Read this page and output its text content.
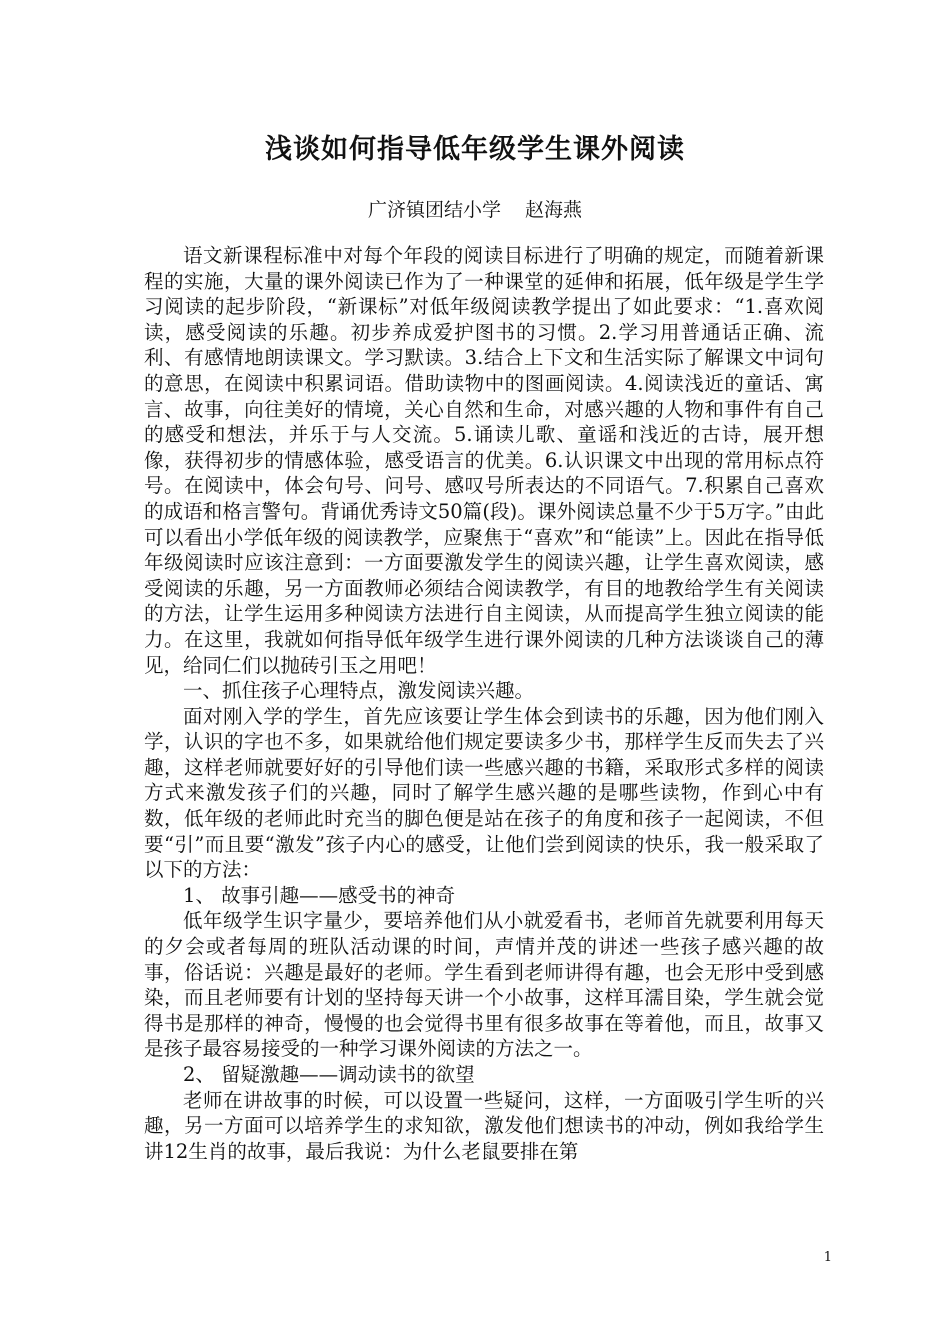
浅谈如何指导低年级学生课外阅读
广济镇团结小学 赵海燕

语文新课程标准中对每个年段的阅读目标进行了明确的规定，而随着新课程的实施，大量的课外阅读已作为了一种课堂的延伸和拓展，低年级是学生学习阅读的起步阶段，“新课标”对低年级阅读教学提出了如此要求：“1.喜欢阅读，感受阅读的乐趣。初步养成爱护图书的习惯。2.学习用普通话正确、流利、有感情地朗读课文。学习默读。3.结合上下文和生活实际了解课文中词句的意思，在阅读中积累词语。借助读物中的图画阅读。4.阅读浅近的童话、寓言、故事，向往美好的情境，关心自然和生命，对感兴趣的人物和事件有自己的感受和想法，并乐于与人交流。5.诵读儿歌、童谣和浅近的古诗，展开想像，获得初步的情感体验，感受语言的优美。6.认识课文中出现的常用标点符号。在阅读中，体会句号、问号、感叹号所表达的不同语气。7.积累自己喜欢的成语和格言警句。背诵优秀诗文50篇(段)。课外阅读总量不少于5万字。”由此可以看出小学低年级的阅读教学，应聚焦于“喜欢”和“能读”上。因此在指导低年级阅读时应该注意到：一方面要激发学生的阅读兴趣，让学生喜欢阅读，感受阅读的乐趣，另一方面教师必须结合阅读教学，有目的地教给学生有关阅读的方法，让学生运用多种阅读方法进行自主阅读，从而提高学生独立阅读的能力。在这里，我就如何指导低年级学生进行课外阅读的几种方法谈谈自己的薄见，给同仁们以抛砖引玉之用吧！

一、抓住孩子心理特点，激发阅读兴趣。

面对刚入学的学生，首先应该要让学生体会到读书的乐趣，因为他们刚入学，认识的字也不多，如果就给他们规定要读多少书，那样学生反而失去了兴趣，这样老师就要好好的引导他们读一些感兴趣的书籍，采取形式多样的阅读方式来激发孩子们的兴趣，同时了解学生感兴趣的是哪些读物，作到心中有数，低年级的老师此时充当的脚色便是站在孩子的角度和孩子一起阅读，不但要“引”而且要“激发”孩子内心的感受，让他们尝到阅读的快乐，我一般采取了以下的方法：

1、 故事引趣——感受书的神奇

低年级学生识字量少，要培养他们从小就爱看书，老师首先就要利用每天的夕会或者每周的班队活动课的时间，声情并茂的讲述一些孩子感兴趣的故事，俗话说：兴趣是最好的老师。学生看到老师讲得有趣，也会无形中受到感染，而且老师要有计划的坚持每天讲一个小故事，这样耳濡目染，学生就会觉得书是那样的神奇，慢慢的也会觉得书里有很多故事在等着他，而且，故事又是孩子最容易接受的一种学习课外阅读的方法之一。

2、 留疑激趣——调动读书的欲望

老师在讲故事的时候，可以设置一些疑问，这样，一方面吸引学生听的兴趣，另一方面可以培养学生的求知欲，激发他们想读书的冲动，例如我给学生讲12生肖的故事，最后我说：为什么老鼠要排在第

1
